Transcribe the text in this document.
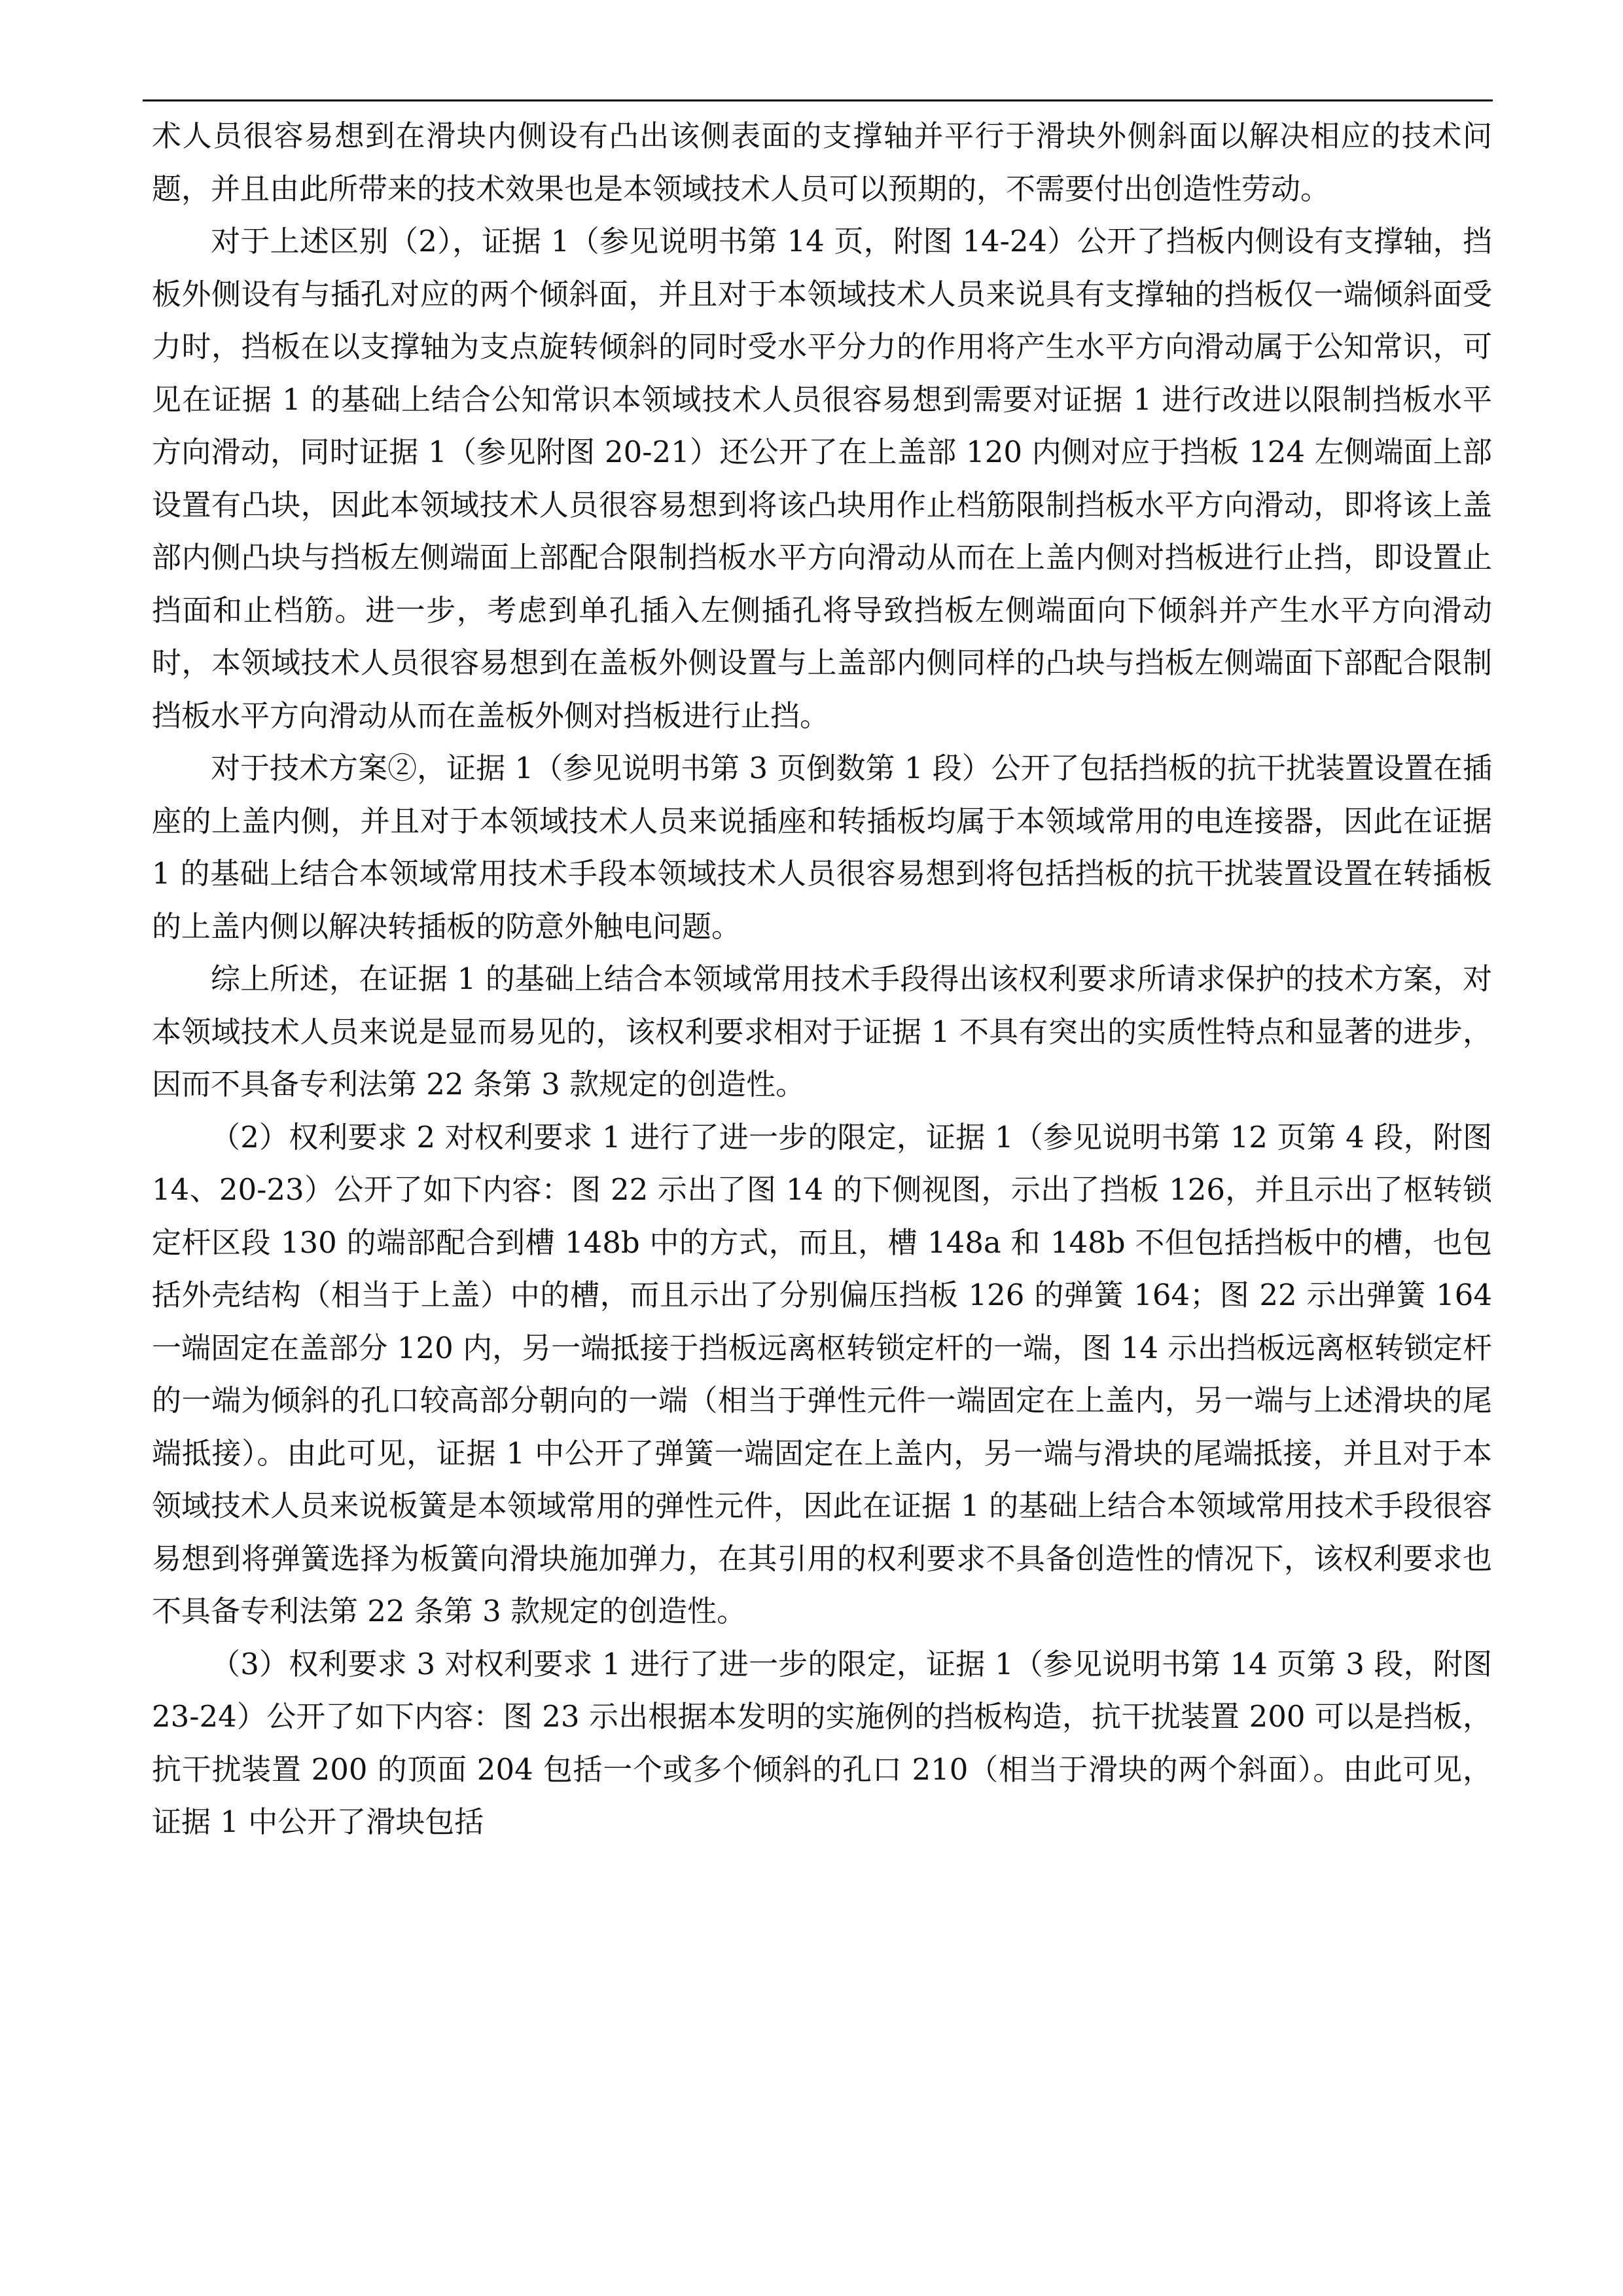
术人员很容易想到在滑块内侧设有凸出该侧表面的支撑轴并平行于滑块外侧斜面以解决相应的技术问题，并且由此所带来的技术效果也是本领域技术人员可以预期的，不需要付出创造性劳动。

对于上述区别（2），证据 1（参见说明书第 14 页，附图 14-24）公开了挡板内侧设有支撑轴，挡板外侧设有与插孔对应的两个倾斜面，并且对于本领域技术人员来说具有支撑轴的挡板仅一端倾斜面受力时，挡板在以支撑轴为支点旋转倾斜的同时受水平分力的作用将产生水平方向滑动属于公知常识，可见在证据 1 的基础上结合公知常识本领域技术人员很容易想到需要对证据 1 进行改进以限制挡板水平方向滑动，同时证据 1（参见附图 20-21）还公开了在上盖部 120 内侧对应于挡板 124 左侧端面上部设置有凸块，因此本领域技术人员很容易想到将该凸块用作止档筋限制挡板水平方向滑动，即将该上盖部内侧凸块与挡板左侧端面上部配合限制挡板水平方向滑动从而在上盖内侧对挡板进行止挡，即设置止挡面和止档筋。进一步，考虑到单孔插入左侧插孔将导致挡板左侧端面向下倾斜并产生水平方向滑动时，本领域技术人员很容易想到在盖板外侧设置与上盖部内侧同样的凸块与挡板左侧端面下部配合限制挡板水平方向滑动从而在盖板外侧对挡板进行止挡。

对于技术方案②，证据 1（参见说明书第 3 页倒数第 1 段）公开了包括挡板的抗干扰装置设置在插座的上盖内侧，并且对于本领域技术人员来说插座和转插板均属于本领域常用的电连接器，因此在证据 1 的基础上结合本领域常用技术手段本领域技术人员很容易想到将包括挡板的抗干扰装置设置在转插板的上盖内侧以解决转插板的防意外触电问题。

综上所述，在证据 1 的基础上结合本领域常用技术手段得出该权利要求所请求保护的技术方案，对本领域技术人员来说是显而易见的，该权利要求相对于证据 1 不具有突出的实质性特点和显著的进步，因而不具备专利法第 22 条第 3 款规定的创造性。

（2）权利要求 2 对权利要求 1 进行了进一步的限定，证据 1（参见说明书第 12 页第 4 段，附图 14、20-23）公开了如下内容：图 22 示出了图 14 的下侧视图，示出了挡板 126，并且示出了枢转锁定杆区段 130 的端部配合到槽 148b 中的方式，而且，槽 148a 和 148b 不但包括挡板中的槽，也包括外壳结构（相当于上盖）中的槽，而且示出了分别偏压挡板 126 的弹簧 164；图 22 示出弹簧 164 一端固定在盖部分 120 内，另一端抵接于挡板远离枢转锁定杆的一端，图 14 示出挡板远离枢转锁定杆的一端为倾斜的孔口较高部分朝向的一端（相当于弹性元件一端固定在上盖内，另一端与上述滑块的尾端抵接）。由此可见，证据 1 中公开了弹簧一端固定在上盖内，另一端与滑块的尾端抵接，并且对于本领域技术人员来说板簧是本领域常用的弹性元件，因此在证据 1 的基础上结合本领域常用技术手段很容易想到将弹簧选择为板簧向滑块施加弹力，在其引用的权利要求不具备创造性的情况下，该权利要求也不具备专利法第 22 条第 3 款规定的创造性。

（3）权利要求 3 对权利要求 1 进行了进一步的限定，证据 1（参见说明书第 14 页第 3 段，附图 23-24）公开了如下内容：图 23 示出根据本发明的实施例的挡板构造，抗干扰装置 200 可以是挡板，抗干扰装置 200 的顶面 204 包括一个或多个倾斜的孔口 210（相当于滑块的两个斜面）。由此可见，证据 1 中公开了滑块包括
